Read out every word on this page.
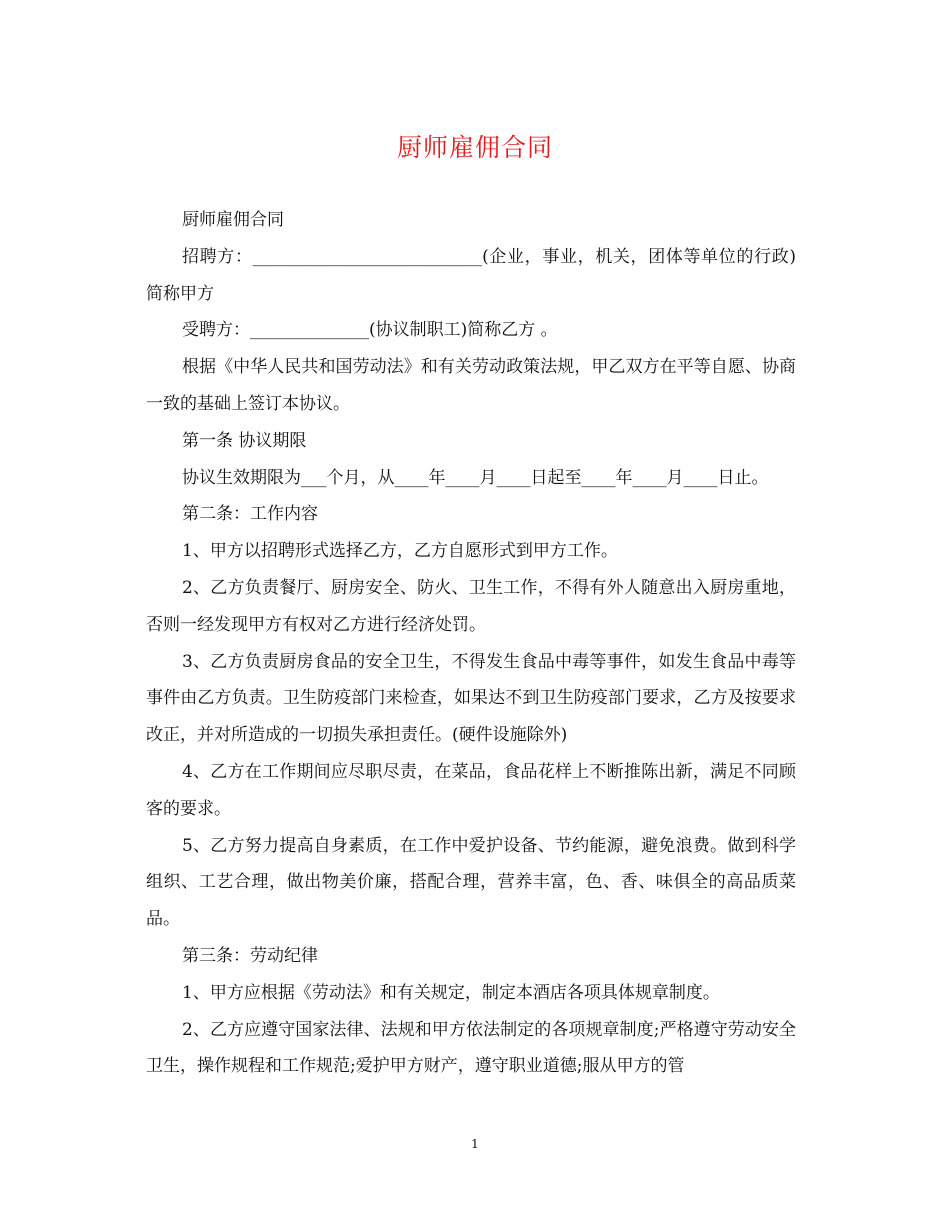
厨师雇佣合同

厨师雇佣合同

招聘方：___________________________(企业，事业，机关，团体等单位的行政)简称甲方

受聘方：______________(协议制职工)简称乙方 。

根据《中华人民共和国劳动法》和有关劳动政策法规，甲乙双方在平等自愿、协商一致的基础上签订本协议。

第一条 协议期限

协议生效期限为___个月，从____年____月____日起至____年____月____日止。

第二条：工作内容

1、甲方以招聘形式选择乙方，乙方自愿形式到甲方工作。

2、乙方负责餐厅、厨房安全、防火、卫生工作，不得有外人随意出入厨房重地，否则一经发现甲方有权对乙方进行经济处罚。

3、乙方负责厨房食品的安全卫生，不得发生食品中毒等事件，如发生食品中毒等事件由乙方负责。卫生防疫部门来检查，如果达不到卫生防疫部门要求，乙方及按要求改正，并对所造成的一切损失承担责任。(硬件设施除外)

4、乙方在工作期间应尽职尽责，在菜品，食品花样上不断推陈出新，满足不同顾客的要求。

5、乙方努力提高自身素质，在工作中爱护设备、节约能源，避免浪费。做到科学组织、工艺合理，做出物美价廉，搭配合理，营养丰富，色、香、味俱全的高品质菜品。

第三条：劳动纪律

1、甲方应根据《劳动法》和有关规定，制定本酒店各项具体规章制度。

2、乙方应遵守国家法律、法规和甲方依法制定的各项规章制度;严格遵守劳动安全卫生，操作规程和工作规范;爱护甲方财产，遵守职业道德;服从甲方的管

1
